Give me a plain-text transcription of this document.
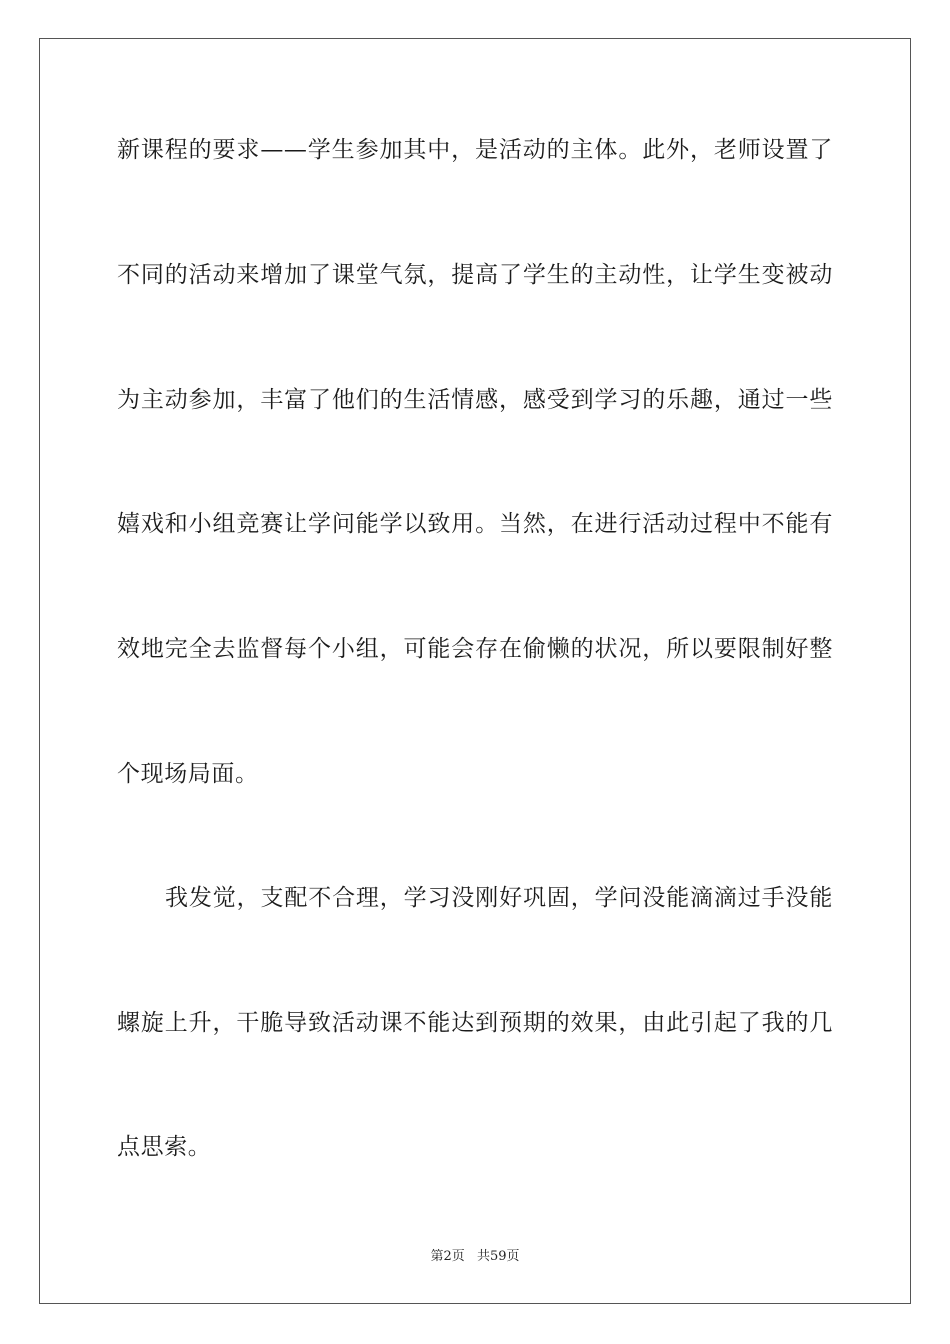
新课程的要求——学生参加其中，是活动的主体。此外，老师设置了
不同的活动来增加了课堂气氛，提高了学生的主动性，让学生变被动
为主动参加，丰富了他们的生活情感，感受到学习的乐趣，通过一些
嬉戏和小组竞赛让学问能学以致用。当然，在进行活动过程中不能有
效地完全去监督每个小组，可能会存在偷懒的状况，所以要限制好整
个现场局面。
我发觉，支配不合理，学习没刚好巩固，学问没能滴滴过手没能
螺旋上升，干脆导致活动课不能达到预期的效果，由此引起了我的几
点思索。
第2页 共59页
